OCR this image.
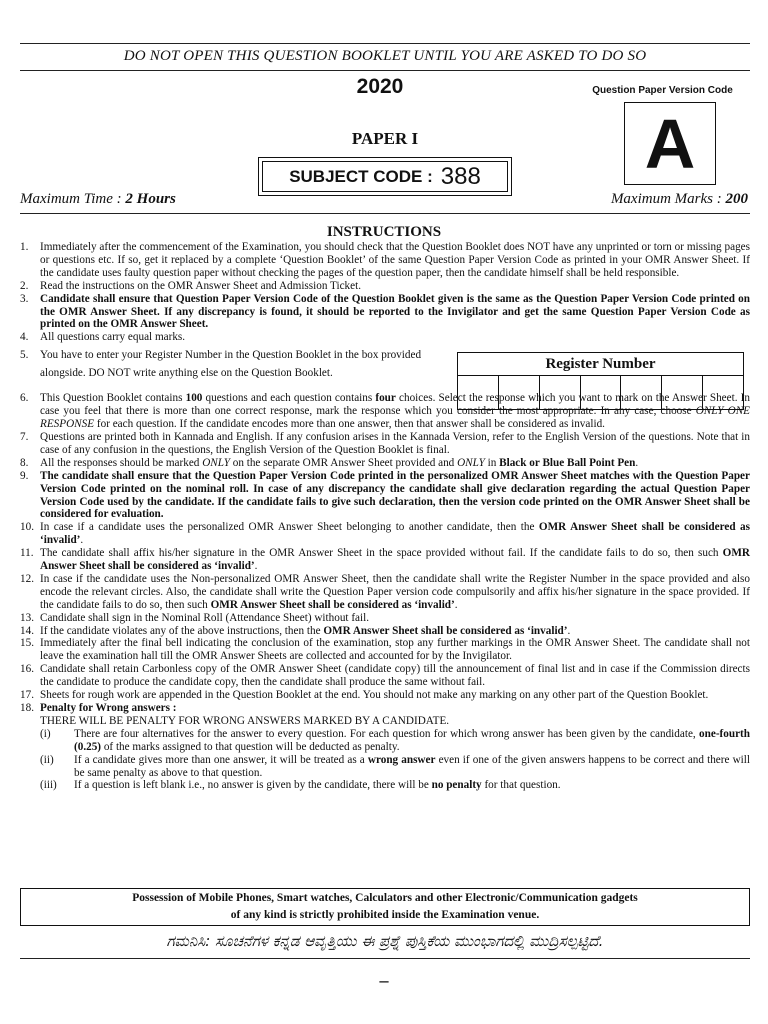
DO NOT OPEN THIS QUESTION BOOKLET UNTIL YOU ARE ASKED TO DO SO
2020	Question Paper Version Code
A
PAPER I
SUBJECT CODE : 388
Maximum Time : 2 Hours	Maximum Marks : 200
INSTRUCTIONS
Register Number
1.	Immediately after the commencement of the Examination, you should check that the Question Booklet does NOT have any unprinted or torn or missing pages or questions etc. If so, get it replaced by a complete ‘Question Booklet’ of the same Question Paper Version Code as printed in your OMR Answer Sheet. If the candidate uses faulty question paper without checking the pages of the question paper, then the candidate himself shall be held responsible.
2.	Read the instructions on the OMR Answer Sheet and Admission Ticket.
3.	Candidate shall ensure that Question Paper Version Code of the Question Booklet given is the same as the Question Paper Version Code printed on the OMR Answer Sheet. If any discrepancy is found, it should be reported to the Invigilator and get the same Question Paper Version Code as printed on the OMR Answer Sheet.
4.	All questions carry equal marks.
5.	You have to enter your Register Number in the Question Booklet in the box provided alongside. DO NOT write anything else on the Question Booklet.
6.	This Question Booklet contains 100 questions and each question contains four choices. Select the response which you want to mark on the Answer Sheet. In case you feel that there is more than one correct response, mark the response which you consider the most appropriate. In any case, choose ONLY ONE RESPONSE for each question. If the candidate encodes more than one answer, then that answer shall be considered as invalid.
7.	Questions are printed both in Kannada and English. If any confusion arises in the Kannada Version, refer to the English Version of the questions. Note that in case of any confusion in the questions, the English Version of the Question Booklet is final.
8.	All the responses should be marked ONLY on the separate OMR Answer Sheet provided and ONLY in Black or Blue Ball Point Pen.
9.	The candidate shall ensure that the Question Paper Version Code printed in the personalized OMR Answer Sheet matches with the Question Paper Version Code printed on the nominal roll. In case of any discrepancy the candidate shall give declaration regarding the actual Question Paper Version Code used by the candidate. If the candidate fails to give such declaration, then the version code printed on the OMR Answer Sheet shall be considered for evaluation.
10. In case if a candidate uses the personalized OMR Answer Sheet belonging to another candidate, then the OMR Answer Sheet shall be considered as ‘invalid’.
11. The candidate shall affix his/her signature in the OMR Answer Sheet in the space provided without fail. If the candidate fails to do so, then such OMR Answer Sheet shall be considered as ‘invalid’.
12. In case if the candidate uses the Non-personalized OMR Answer Sheet, then the candidate shall write the Register Number in the space provided and also encode the relevant circles. Also, the candidate shall write the Question Paper version code compulsorily and affix his/her signature in the space provided. If the candidate fails to do so, then such OMR Answer Sheet shall be considered as ‘invalid’.
13. Candidate shall sign in the Nominal Roll (Attendance Sheet) without fail.
14. If the candidate violates any of the above instructions, then the OMR Answer Sheet shall be considered as ‘invalid’.
15. Immediately after the final bell indicating the conclusion of the examination, stop any further markings in the OMR Answer Sheet. The candidate shall not leave the examination hall till the OMR Answer Sheets are collected and accounted for by the Invigilator.
16. Candidate shall retain Carbonless copy of the OMR Answer Sheet (candidate copy) till the announcement of final list and in case if the Commission directs the candidate to produce the candidate copy, then the candidate shall produce the same without fail.
17. Sheets for rough work are appended in the Question Booklet at the end. You should not make any marking on any other part of the Question Booklet.
18. Penalty for Wrong answers :
THERE WILL BE PENALTY FOR WRONG ANSWERS MARKED BY A CANDIDATE.
(i)	There are four alternatives for the answer to every question. For each question for which wrong answer has been given by the candidate, one-fourth (0.25) of the marks assigned to that question will be deducted as penalty.
(ii)	If a candidate gives more than one answer, it will be treated as a wrong answer even if one of the given answers happens to be correct and there will be same penalty as above to that question.
(iii)	If a question is left blank i.e., no answer is given by the candidate, there will be no penalty for that question.
Possession of Mobile Phones, Smart watches, Calculators and other Electronic/Communication gadgets
of any kind is strictly prohibited inside the Examination venue.
ಗಮನಿಸಿ: ಸೂಚನೆಗಳ ಕನ್ನಡ ಆವೃತ್ತಿಯು ಈ ಪ್ರಶ್ನೆ ಪುಸ್ತಿಕೆಯ ಮುಂಭಾಗದಲ್ಲಿ ಮುದ್ರಿಸಲ್ಪಟ್ಟಿದೆ.
–
